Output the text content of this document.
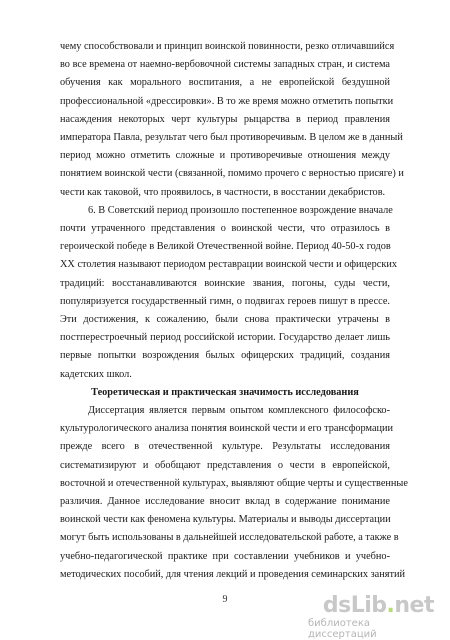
чему способствовали и принцип воинской повинности, резко отличавшийся
во все времена от наемно-вербовочной системы западных стран, и система
обучения как морального воспитания, а не европейской бездушной
профессиональной «дрессировки». В то же время можно отметить попытки
насаждения некоторых черт культуры рыцарства в период правления
императора Павла, результат чего был противоречивым. В целом же в данный
период можно отметить сложные и противоречивые отношения между
понятием воинской чести (связанной, помимо прочего с верностью присяге) и
чести как таковой, что проявилось, в частности, в восстании декабристов.
6. В Советский период произошло постепенное возрождение вначале
почти утраченного представления о воинской чести, что отразилось в
героической победе в Великой Отечественной войне. Период 40-50-х годов
XX столетия называют периодом реставрации воинской чести и офицерских
традиций: восстанавливаются воинские звания, погоны, суды чести,
популяризуется государственный гимн, о подвигах героев пишут в прессе.
Эти достижения, к сожалению, были снова практически утрачены в
постперестроечный период российской истории. Государство делает лишь
первые попытки возрождения былых офицерских традиций, создания
кадетских школ.
Теоретическая и практическая значимость исследования
Диссертация является первым опытом комплексного философско-
культурологического анализа понятия воинской чести и его трансформации
прежде всего в отечественной культуре. Результаты исследования
систематизируют и обобщают представления о чести в европейской,
восточной и отечественной культурах, выявляют общие черты и существенные
различия. Данное исследование вносит вклад в содержание понимание
воинской чести как феномена культуры. Материалы и выводы диссертации
могут быть использованы в дальнейшей исследовательской работе, а также в
учебно-педагогической практике при составлении учебников и учебно-
методических пособий, для чтения лекций и проведения семинарских занятий
9	dsLib.net
библиотека диссертаций
